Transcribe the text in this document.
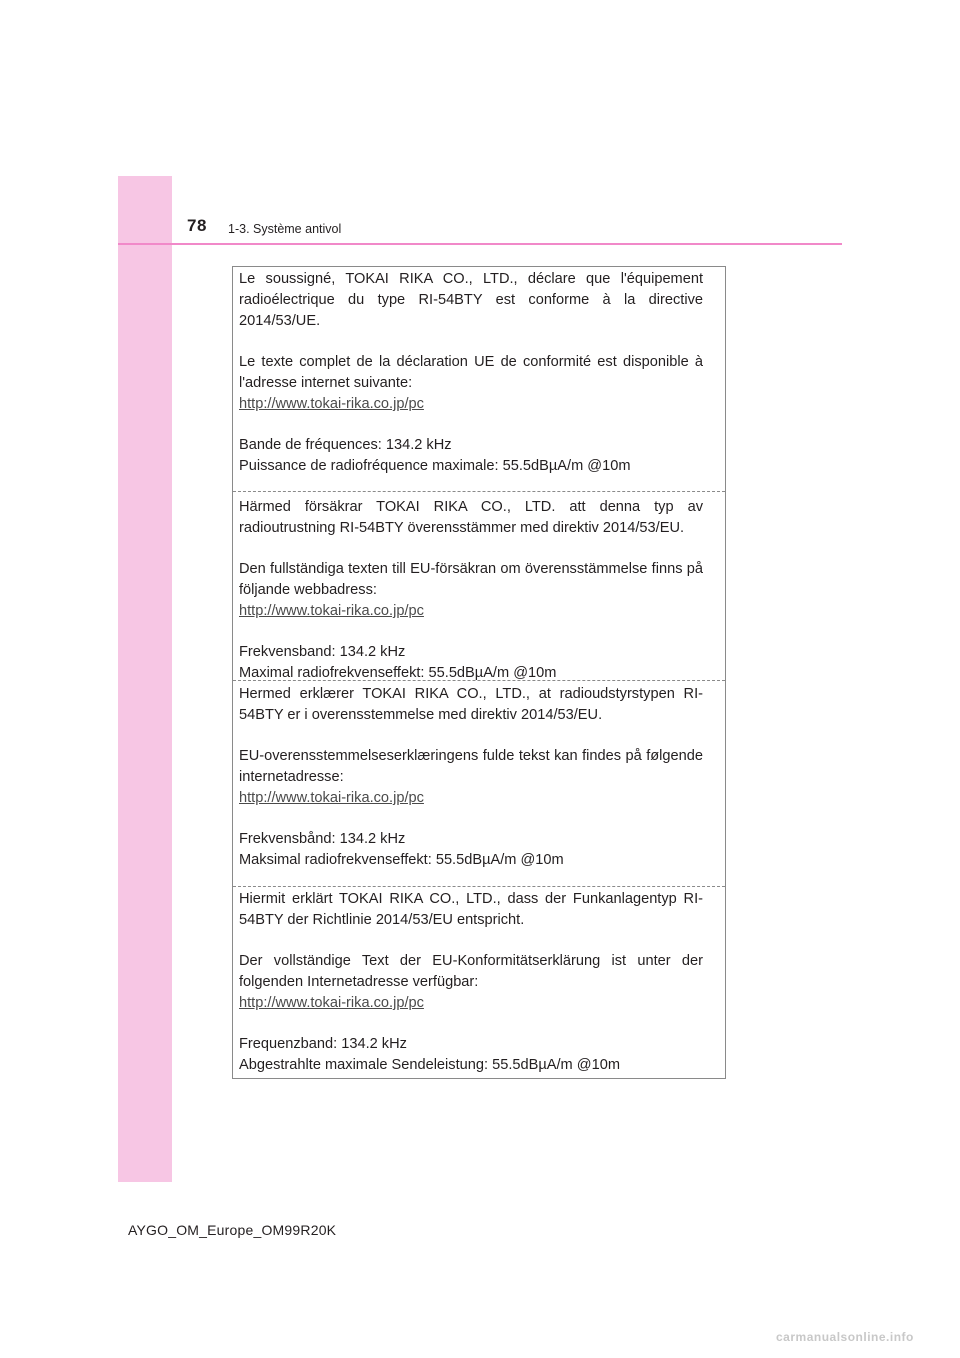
78 1-3. Système antivol

Le soussigné, TOKAI RIKA CO., LTD., déclare que l'équipement radioélectrique du type RI-54BTY est conforme à la directive 2014/53/UE.

Le texte complet de la déclaration UE de conformité est disponible à l'adresse internet suivante:

http://www.tokai-rika.co.jp/pc

Bande de fréquences: 134.2 kHz

Puissance de radiofréquence maximale: 55.5dBµA/m @10m

Härmed försäkrar TOKAI RIKA CO., LTD. att denna typ av radioutrustning RI-54BTY överensstämmer med direktiv 2014/53/EU.

Den fullständiga texten till EU-försäkran om överensstämmelse finns på följande webbadress:

http://www.tokai-rika.co.jp/pc

Frekvensband: 134.2 kHz

Maximal radiofrekvenseffekt: 55.5dBµA/m @10m

Hermed erklærer TOKAI RIKA CO., LTD., at radioudstyrstypen RI-54BTY er i overensstemmelse med direktiv 2014/53/EU.

EU-overensstemmelseserklæringens fulde tekst kan findes på følgende internetadresse:

http://www.tokai-rika.co.jp/pc

Frekvensbånd: 134.2 kHz

Maksimal radiofrekvenseffekt: 55.5dBµA/m @10m

Hiermit erklärt TOKAI RIKA CO., LTD., dass der Funkanlagentyp RI-54BTY der Richtlinie 2014/53/EU entspricht.

Der vollständige Text der EU-Konformitätserklärung ist unter der folgenden Internetadresse verfügbar:

http://www.tokai-rika.co.jp/pc

Frequenzband: 134.2 kHz

Abgestrahlte maximale Sendeleistung: 55.5dBµA/m @10m

AYGO_OM_Europe_OM99R20K
carmanualsonline.info
